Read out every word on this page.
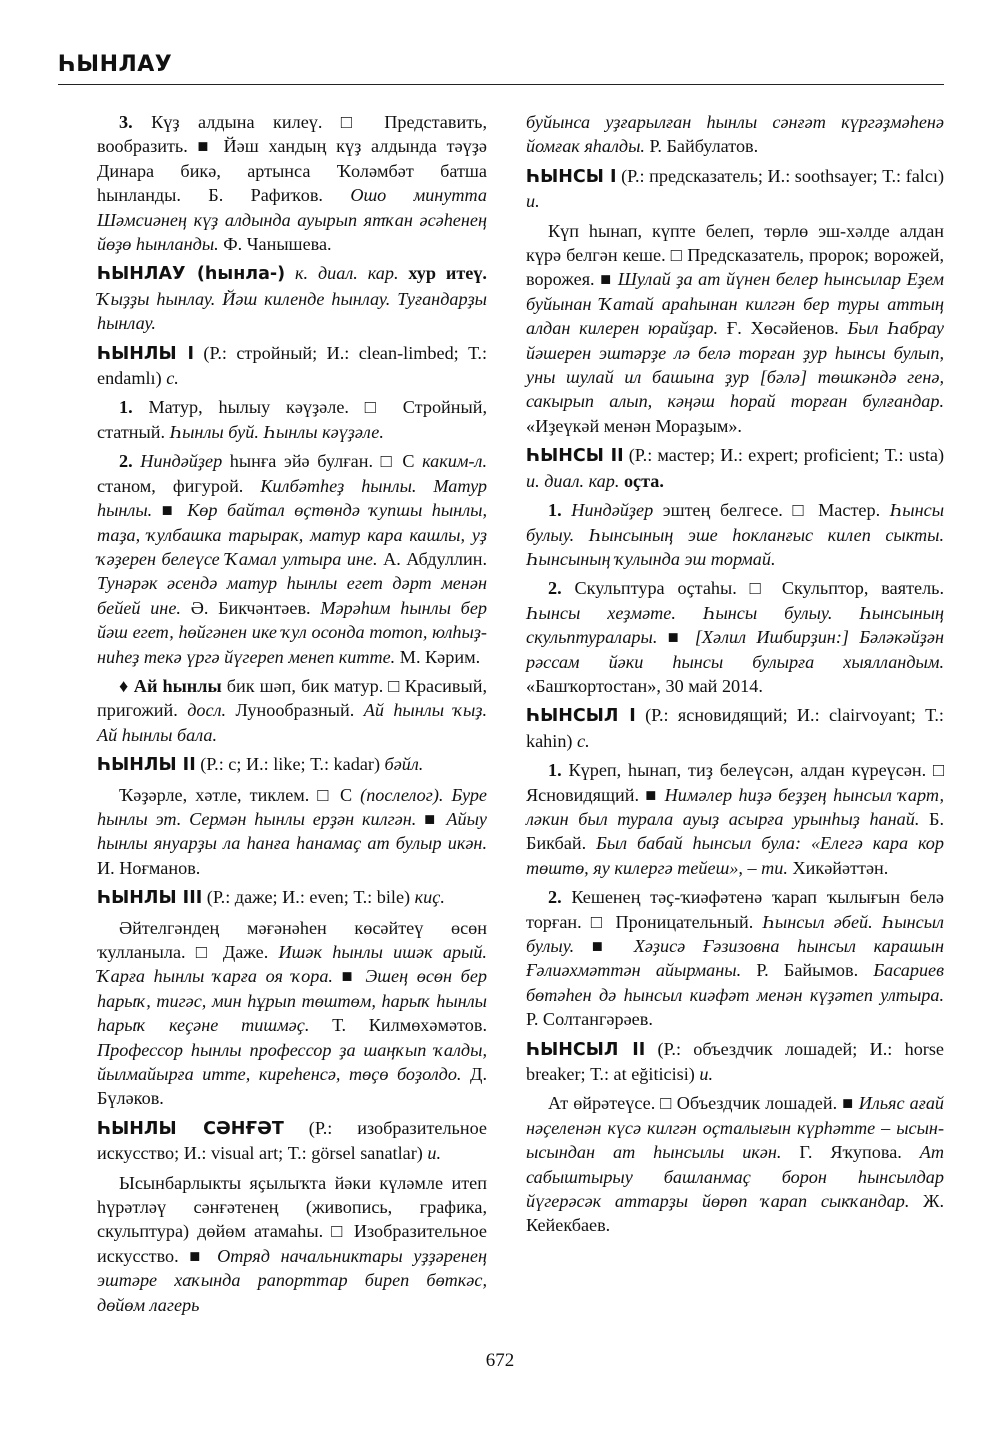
ҺЫНЛАУ

3. Күҙ алдына килеү. □ Представить, вообразить. ■ Йәш хандың күҙ алдында тәүҙә Динара бикә, артынса Ҡоләмбәт батша һынланды. Б. Рафиҡов. Ошо минутта Шәмсиәнең күҙ алдында ауырып ятҡан әсәһенең йөҙө һынланды. Ф. Чанышева.

ҺЫНЛАУ (һынла-) к. диал. кар. хур итеү. Ҡыҙҙы һынлау. Йәш килендe һынлау. Туғандарҙы һынлау.

ҺЫНЛЫ I (Р.: стройный; И.: clean-limbed; Т.: endamlı) с.

1. Матур, һылыу кәүҙәле. □ Стройный, статный. Һынлы буй. Һынлы кәүҙәле.

2. Ниндәйҙер һынға эйә булған. □ С каким-л. станом, фигурой. Килбәтһеҙ һынлы. Матур һынлы. ■ Көр байтал өҫтөндә ҡупшы һынлы, таҙа, ҡулбашка тарырак, матур кара кашлы, уҙ ҡәҙерен белеүсе Ҡамал ултыра ине. А. Абдуллин. Тунәрәк әсендә матур һынлы егет дәрт менән бейей ине. Ә. Бикчәнтәев. Мәрәһим һынлы бер йәш егет, һөйгәнен ике ҡул осонда тотоп, юлһыҙ-ниһеҙ текә үргә йүгереп менеп китте. М. Кәрим.

♦ Ай һынлы бик шәп, бик матур. □ Красивый, пригожий. досл. Лунообразный. Ай һынлы ҡыҙ. Ай һынлы бала.

ҺЫНЛЫ II (Р.: с; И.: like; Т.: kadar) бәйл.

Ҡәҙәрле, хәтле, тиклем. □ С (послелог). Буре һынлы эт. Сермән һынлы ерҙән килгән. ■ Айыу һынлы януарҙы ла һанға һанамаҫ ат булыр икән. И. Ноғманов.

ҺЫНЛЫ III (Р.: даже; И.: even; Т.: bile) киҫ.

Әйтелгәндең мәғәнәһен көсәйтеү өсөн ҡулланыла. □ Даже. Ишәк һынлы ишәк арый. Ҡарға һынлы ҡарға оя ҡора. ■ Эшең өсөн бер һарыҡ, тигәс, мин һұрып төштөм, һарыҡ һынлы һарыҡ кеҫәне тишмәҫ. Т. Килмөхәмәтов. Профессор һынлы профессор ҙа шаңҡып ҡалды, йылмайырға итте, киреһенсә, төҫө боҙолдо. Д. Бүләков.

ҺЫНЛЫ СӘНҒӘТ (Р.: изобразительное искусство; И.: visual art; Т.: görsel sanatlar) и.

Ысынбарлыкты яҫылыҡта йәки күләмле итеп һүрәтләү сәнғәтенең (живопись, графика, скульптура) дөйөм атамаһы. □ Изобразительное искусство. ■ Отряд начальниктары уҙҙәренең эштәре хаҡында рапорттар биреп бөткәс, дөйөм лагерь

буйынса уҙғарылған һынлы сәнғәт күргәҙмәһенә йомғак яһалды. Р. Байбулатов.

ҺЫНСЫ I (Р.: предсказатель; И.: soothsayer; Т.: falcı) и.

Күп һынап, күпте белеп, төрлө эш-хәлде алдан күрә белгән кеше. □ Предсказатель, пророк; ворожей, ворожея. ■ Шулай ҙа ат йүнен белер һынсылар Еҙем буйынан Ҡатай араһынан килгән бер туры аттың алдан килерен юрайҙар. Ғ. Хөсәйенов. Был Һабрау йәшерен эштәрҙе лә белә торған ҙур һынсы булып, уны шулай ил башына ҙур [бәлә] төшкәндә генә, сакырып алып, кәңәш һорай торған булғандар. «Иҙеүкәй менән Мораҙым».

ҺЫНСЫ II (Р.: мастер; И.: expert; proficient; Т.: usta) и. диал. кар. оҫта.

1. Ниндәйҙер эштең белгесе. □ Мастер. Һынсы булыу. Һынсының эше һокланғыс килеп сыкты. Һынсының ҡулында эш тормай.

2. Скульптура оҫтаһы. □ Скульптор, ваятель. Һынсы хеҙмәте. Һынсы булыу. Һынсының скульптуралары. ■ [Хәлил Ишбирҙин:] Бәләкәйҙән рәссам йәки һынсы булырға хыялландым. «Башҡортостан», 30 май 2014.

ҺЫНСЫЛ I (Р.: ясновидящий; И.: clairvoyant; Т.: kahin) с.

1. Күреп, һынап, тиҙ белеүсән, алдан күреүсән. □ Ясновидящий. ■ Нимәлер һиҙә беҙҙең һынсыл ҡарт, ләкин был турала ауыҙ асырға урынһыҙ һанай. Б. Бикбай. Был бабай һынсыл була: «Елегә кара кор төштө, яу килергә тейеш», – ти. Хикәйәттән.

2. Кешенең тәҫ-ҡиәфәтенә ҡарап ҡылығын белә торған. □ Проницательный. Һынсыл әбей. Һынсыл булыу. ■ Хәҙисә Ғәзизовна һынсыл карашын Ғәлиәхмәттән айырманы. Р. Байымов. Басариев бөтәһен дә һынсыл киәфәт менән күҙәтеп ултыра. Р. Солтангәрәев.

ҺЫНСЫЛ II (Р.: объездчик лошадей; И.: horse breaker; Т.: at eğiticisi) и.

Ат өйрәтеүсе. □ Объездчик лошадей. ■ Ильяс ағай нәҫеленән күсә килгән оҫталығын күрһәтте – ысын-ысындан ат һынсылы икән. Г. Яҡупова. Ат сабыштырыу башланмаҫ борон һынсылдар йүгерәсәк аттарҙы йөрөп ҡарап сыкҡандар. Ж. Кейекбаев.

672
